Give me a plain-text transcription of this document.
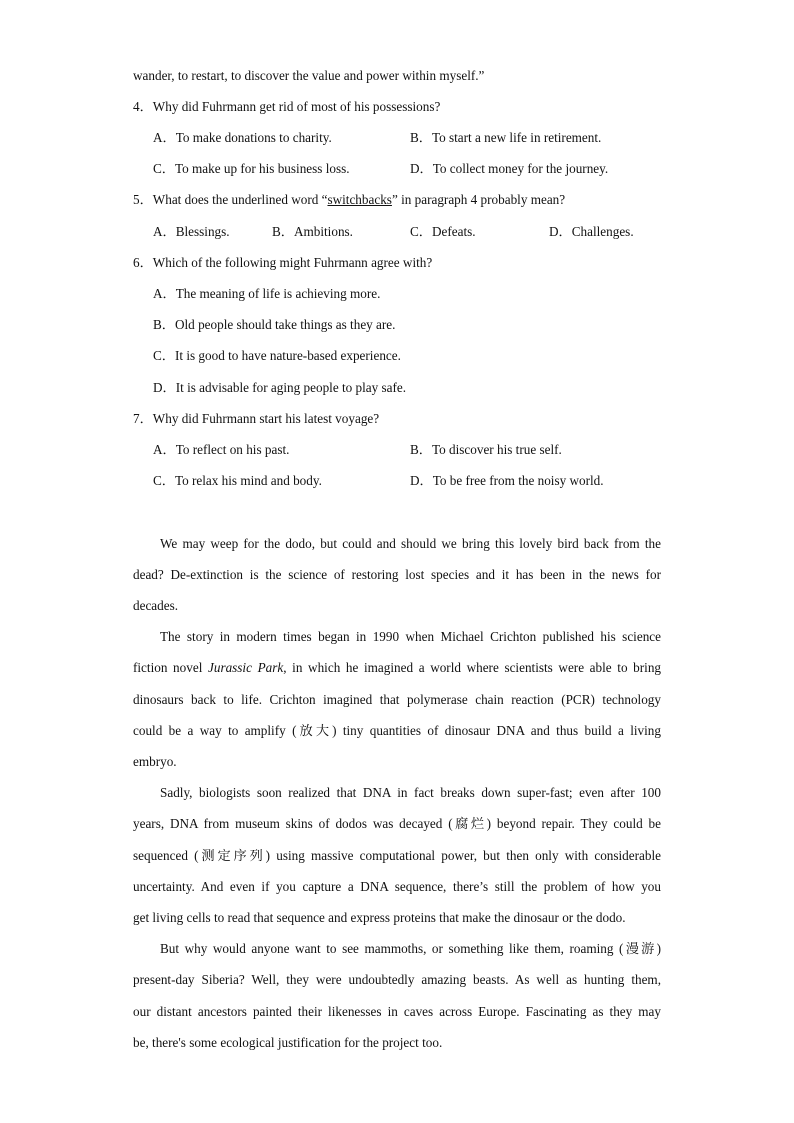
wander, to restart, to discover the value and power within myself.”
4．Why did Fuhrmann get rid of most of his possessions?
A．To make donations to charity.	B．To start a new life in retirement.
C．To make up for his business loss.	D．To collect money for the journey.
5．What does the underlined word “switchbacks” in paragraph 4 probably mean?
A．Blessings.	B．Ambitions.	C．Defeats.	D．Challenges.
6．Which of the following might Fuhrmann agree with?
A．The meaning of life is achieving more.
B．Old people should take things as they are.
C．It is good to have nature-based experience.
D．It is advisable for aging people to play safe.
7．Why did Fuhrmann start his latest voyage?
A．To reflect on his past.	B．To discover his true self.
C．To relax his mind and body.	D．To be free from the noisy world.
We may weep for the dodo, but could and should we bring this lovely bird back from the
dead? De-extinction is the science of restoring lost species and it has been in the news for
decades.
The story in modern times began in 1990 when Michael Crichton published his science
fiction novel Jurassic Park, in which he imagined a world where scientists were able to bring
dinosaurs back to life. Crichton imagined that polymerase chain reaction (PCR) technology
could be a way to amplify (放大) tiny quantities of dinosaur DNA and thus build a living
embryo.
Sadly, biologists soon realized that DNA in fact breaks down super-fast; even after 100
years, DNA from museum skins of dodos was decayed (腐烂) beyond repair. They could be
sequenced (测定序列) using massive computational power, but then only with considerable
uncertainty. And even if you capture a DNA sequence, there’s still the problem of how you
get living cells to read that sequence and express proteins that make the dinosaur or the dodo.
But why would anyone want to see mammoths, or something like them, roaming (漫游)
present-day Siberia? Well, they were undoubtedly amazing beasts. As well as hunting them,
our distant ancestors painted their likenesses in caves across Europe. Fascinating as they may
be, there's some ecological justification for the project too.
